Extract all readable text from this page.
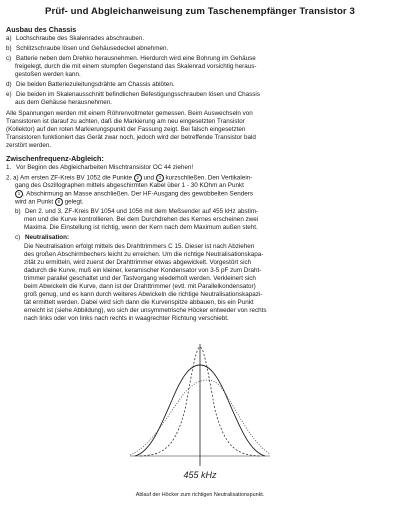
Prüf- und Abgleichanweisung zum Taschenempfänger Transistor 3
Ausbau des Chassis
a) Lochschraube des Skalenrades abschrauben.
b) Schlitzschraube lösen und Gehäusedeckel abnehmen.
c) Batterie neben dem Drehko herausnehmen. Hierdurch wird eine Bohrung im Gehäuse
freigelegt, durch die mit einem stumpfen Gegenstand das Skalenrad vorsichtig heraus-
gestoßen werden kann.
d) Die beiden Batteriezuleitungsdrähte am Chassis ablöten.
e) Die beiden im Skalenausschnitt befindlichen Befestigungsschrauben lösen und Chassis
aus dem Gehäuse herausnehmen.
Alle Spannungen werden mit einem Röhrenvoltmeter gemessen. Beim Auswechseln von
Transistoren ist darauf zu achten, daß die Markierung am neu eingesetzten Transistor
(Kollektor) auf den roten Markierungspunkt der Fassung zeigt. Bei falsch eingesetzten
Transistoren funktioniert das Gerät zwar noch, jedoch wird der betreffende Transistor bald
zerstört werden.
Zwischenfrequenz-Abgleich:
1. Vor Beginn des Abgleicharbeiten Mischtransistor OC 44 ziehen!
2. a) Am ersten ZF-Kreis BV 1052 die Punkte 2 und 3 kurzschließen. Den Vertikalein-
gang des Oszillographen mittels abgeschirmten Kabel über 1 - 30 KOhm an Punkt
1 . Abschirmung an Masse anschließen. Der HF-Ausgang des gewobbelten Senders
wird an Punkt 5 gelegt.
b) Den 2. und 3. ZF-Kreis BV 1054 und 1056 mit dem Meßsender auf 455 kHz abstim-
men und die Kurve kontrollieren. Bei dem Durchdrehen des Kernes erscheinen zwei
Maxima. Die Einstellung ist richtig, wenn der Kern nach dem Maximum außen steht.
c) Neutralisation:
Die Neutralisation erfolgt mittels des Drahttrimmers C 15. Dieser ist nach Abziehen
des großen Abschirmbechers leicht zu erreichen. Um die richtige Neutralisationskapa-
zität zu ermitteln, wird zuerst der Drahttrimmer etwas abgewickelt. Vorgestört sich
dadurch die Kurve, muß ein kleiner, keramischer Kondensator von 3-5 pF zum Draht-
trimmer parallel geschaltet und der Tastvorgang wiederholt werden. Verkleinert sich
beim Abwickeln die Kurve, dann ist der Drahttrimmer (evtl. mit Parallelkondensator)
groß genug, und es kann durch weiteres Abwickeln die richtige Neutralisationskapazi-
tät ermittelt werden. Dabei wird sich dann die Kurvenspitze abbauen, bis ein Punkt
erreicht ist (siehe Abbildung), wo sich der unsymmetrische Höcker entweder von rechts
nach links oder von links nach rechts in waagrechter Richtung verschiebt.
455 kHz
Ablauf der Höcker zum richtigen Neutralisationspunkt.
